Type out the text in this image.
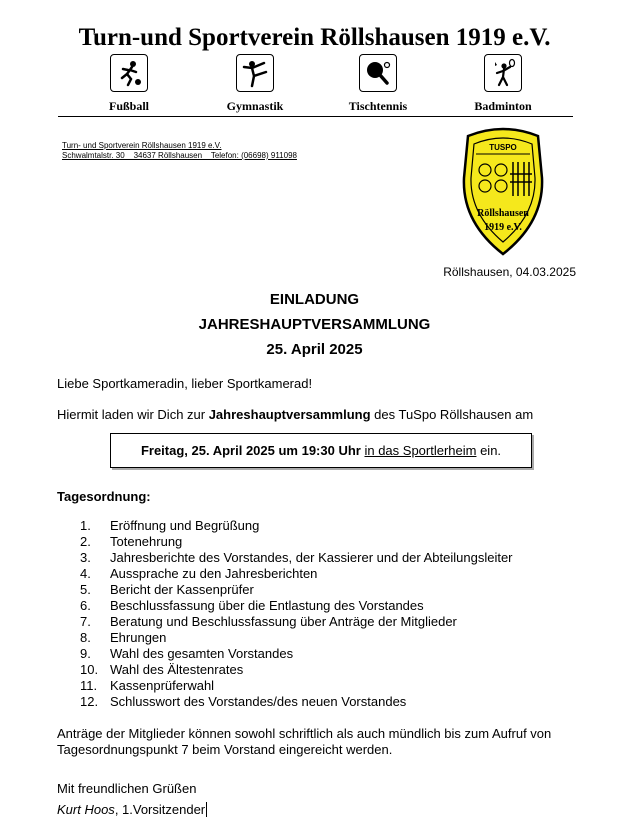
Turn-und Sportverein Röllshausen 1919 e.V.
Fußball	Gymnastik	Tischtennis	Badminton
Turn- und Sportverein Röllshausen 1919 e.V.
Schwalmtalstr. 30    34637 Röllshausen    Telefon: (06698) 911098
TUSPO
Röllshausen
1919 e.V.
Röllshausen, 04.03.2025
EINLADUNG
JAHRESHAUPTVERSAMMLUNG
25. April 2025
Liebe Sportkameradin, lieber Sportkamerad!
Hiermit laden wir Dich zur Jahreshauptversammlung des TuSpo Röllshausen am
Freitag, 25. April 2025 um 19:30 Uhr in das Sportlerheim ein.
Tagesordnung:
1.	Eröffnung und Begrüßung
2.	Totenehrung
3.	Jahresberichte des Vorstandes, der Kassierer und der Abteilungsleiter
4.	Aussprache zu den Jahresberichten
5.	Bericht der Kassenprüfer
6.	Beschlussfassung über die Entlastung des Vorstandes
7.	Beratung und Beschlussfassung über Anträge der Mitglieder
8.	Ehrungen
9.	Wahl des gesamten Vorstandes
10. Wahl des Ältestenrates
11. Kassenprüferwahl
12. Schlusswort des Vorstandes/des neuen Vorstandes
Anträge der Mitglieder können sowohl schriftlich als auch mündlich bis zum Aufruf von
Tagesordnungspunkt 7 beim Vorstand eingereicht werden.
Mit freundlichen Grüßen
Kurt Hoos, 1.Vorsitzender
